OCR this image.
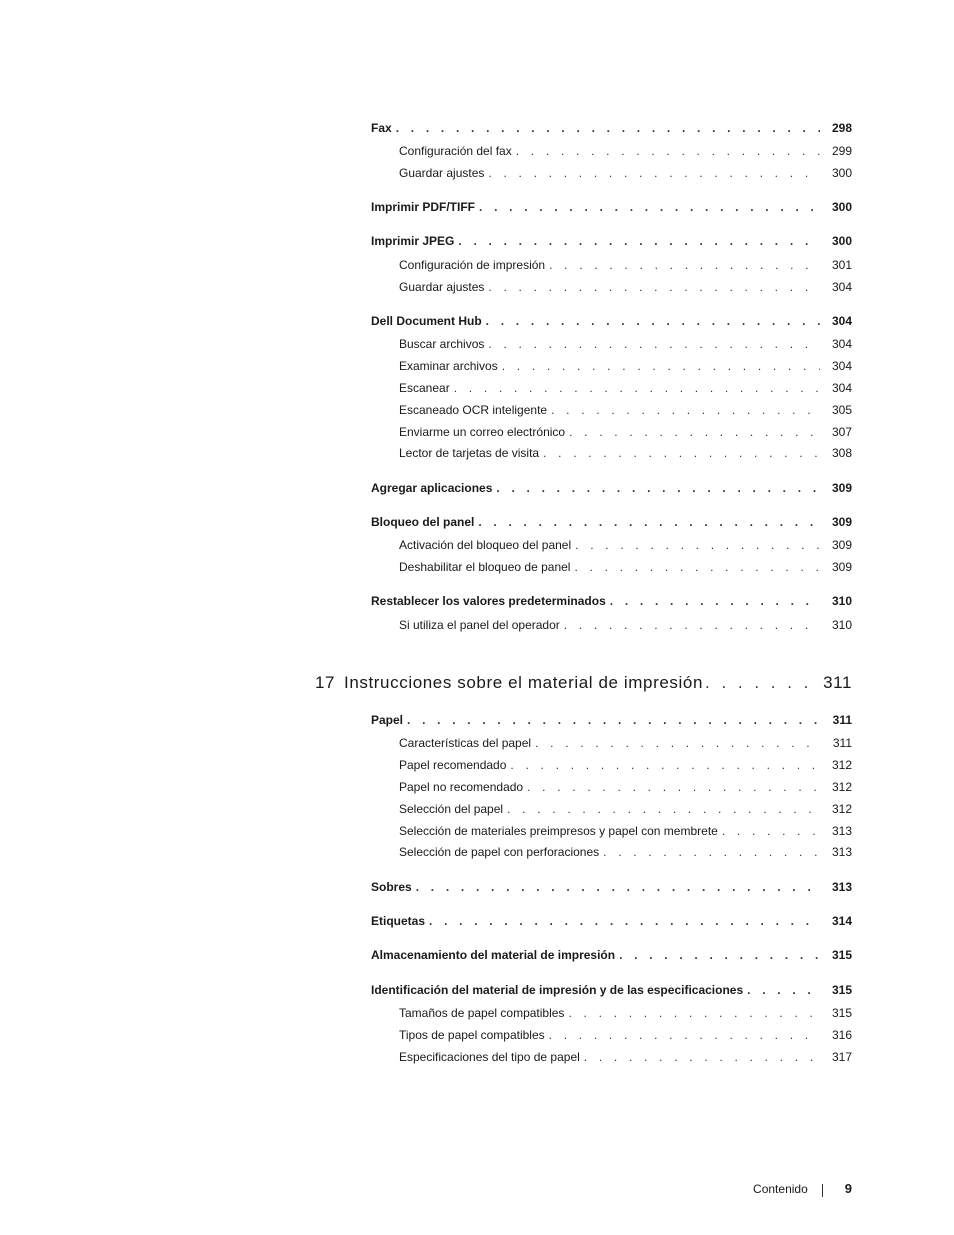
Fax . . .	298
Configuración del fax . . .	299
Guardar ajustes . . .	300
Imprimir PDF/TIFF . . .	300
Imprimir JPEG . . .	300
Configuración de impresión . . .	301
Guardar ajustes . . .	304
Dell Document Hub . . .	304
Buscar archivos . . .	304
Examinar archivos . . .	304
Escanear . . .	304
Escaneado OCR inteligente . . .	305
Enviarme un correo electrónico . . .	307
Lector de tarjetas de visita . . .	308
Agregar aplicaciones . . .	309
Bloqueo del panel . . .	309
Activación del bloqueo del panel . . .	309
Deshabilitar el bloqueo de panel . . .	309
Restablecer los valores predeterminados . . .	310
Si utiliza el panel del operador . . .	310
17 Instrucciones sobre el material de impresión . . .	311
Papel . . .	311
Características del papel . . .	311
Papel recomendado . . .	312
Papel no recomendado . . .	312
Selección del papel . . .	312
Selección de materiales preimpresos y papel con membrete . . .	313
Selección de papel con perforaciones . . .	313
Sobres . . .	313
Etiquetas . . .	314
Almacenamiento del material de impresión . . .	315
Identificación del material de impresión y de las especificaciones . . .	315
Tamaños de papel compatibles . . .	315
Tipos de papel compatibles . . .	316
Especificaciones del tipo de papel . . .	317
Contenido	9
